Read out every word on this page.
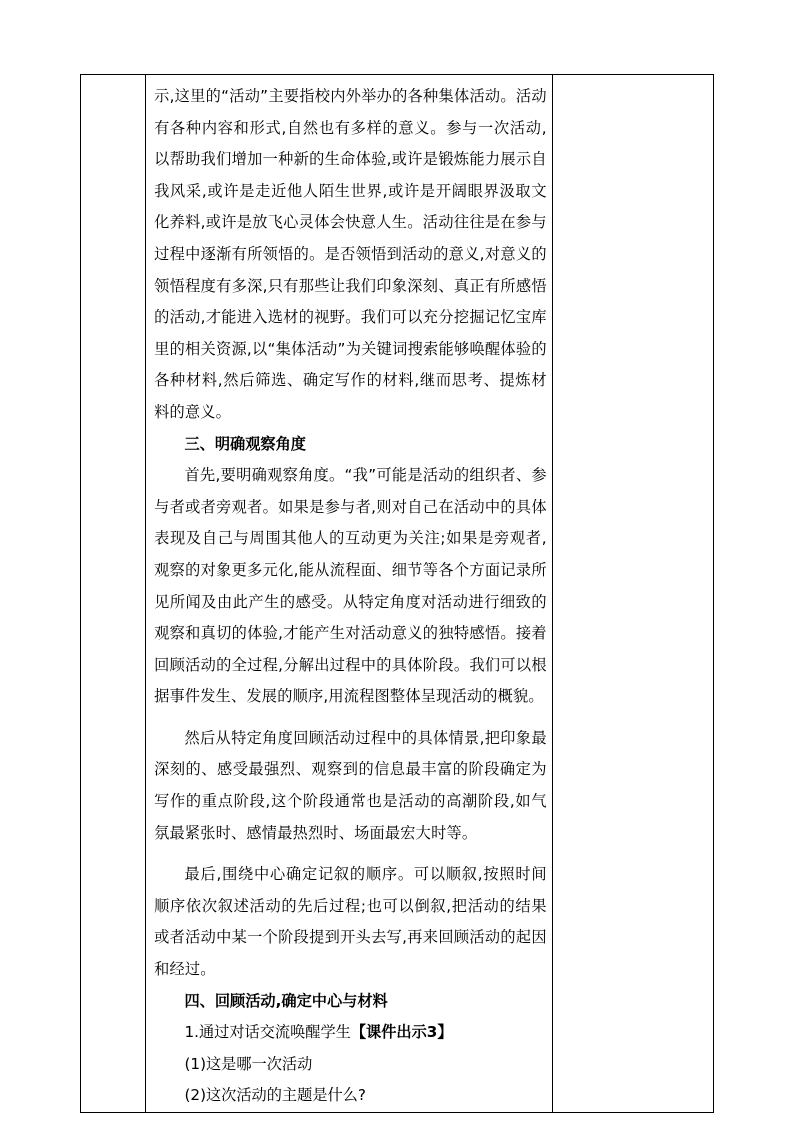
示,这里的“活动”主要指校内外举办的各种集体活动。活动有各种内容和形式,自然也有多样的意义。参与一次活动,以帮助我们增加一种新的生命体验,或许是锻炼能力展示自我风采,或许是走近他人陌生世界,或许是开阔眼界汲取文化养料,或许是放飞心灵体会快意人生。活动往往是在参与过程中逐渐有所领悟的。是否领悟到活动的意义,对意义的领悟程度有多深,只有那些让我们印象深刻、真正有所感悟的活动,才能进入选材的视野。我们可以充分挖掘记忆宝库里的相关资源,以“集体活动”为关键词搜索能够唤醒体验的各种材料,然后筛选、确定写作的材料,继而思考、提炼材料的意义。

三、明确观察角度

首先,要明确观察角度。“我”可能是活动的组织者、参与者或者旁观者。如果是参与者,则对自己在活动中的具体表现及自己与周围其他人的互动更为关注;如果是旁观者,观察的对象更多元化,能从流程面、细节等各个方面记录所见所闻及由此产生的感受。从特定角度对活动进行细致的观察和真切的体验,才能产生对活动意义的独特感悟。接着回顾活动的全过程,分解出过程中的具体阶段。我们可以根据事件发生、发展的顺序,用流程图整体呈现活动的概貌。

然后从特定角度回顾活动过程中的具体情景,把印象最深刻的、感受最强烈、观察到的信息最丰富的阶段确定为写作的重点阶段,这个阶段通常也是活动的高潮阶段,如气氛最紧张时、感情最热烈时、场面最宏大时等。

最后,围绕中心确定记叙的顺序。可以顺叙,按照时间顺序依次叙述活动的先后过程;也可以倒叙,把活动的结果或者活动中某一个阶段提到开头去写,再来回顾活动的起因和经过。

四、回顾活动,确定中心与材料

1.通过对话交流唤醒学生【课件出示3】

(1)这是哪一次活动

(2)这次活动的主题是什么?
